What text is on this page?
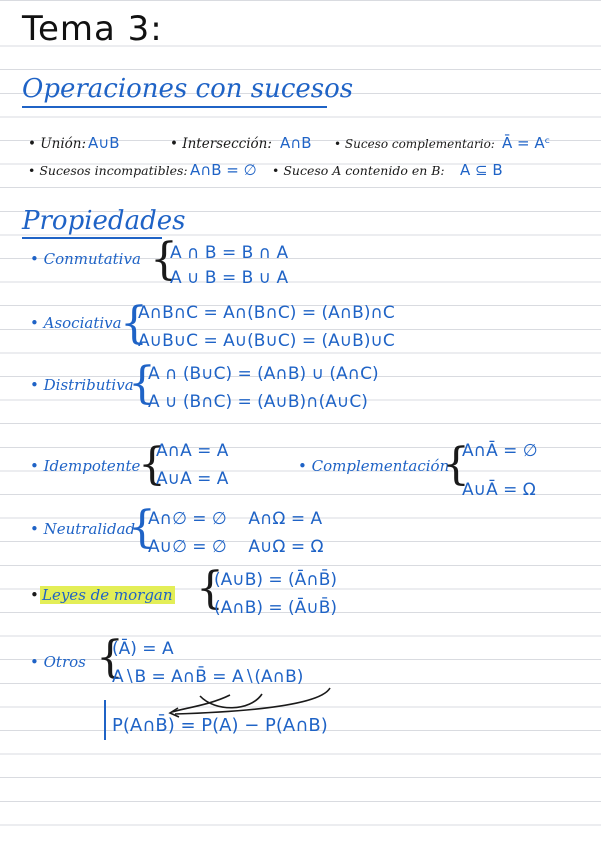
Tema 3:
Operaciones con sucesos
• Unión: A∪B	• Intersección: A∩B • Suceso complementario: Ā = Aᶜ
• Sucesos incompatibles: A∩B = ∅ • Suceso A contenido en B: A ⊆ B
Propiedades
• Conmutativa {
A ∩ B = B ∩ A
A ∪ B = B ∪ A
• Asociativa
{
A∩B∩C = A∩(B∩C) = (A∩B)∩C
A∪B∪C = A∪(B∪C) = (A∪B)∪C
• Distributiva
{
A ∩ (B∪C) = (A∩B) ∪ (A∩C)
A ∪ (B∩C) = (A∪B)∩(A∪C)
• Idempotente
{
A∩A = A
A∪A = A
• Complementación
{
A∩Ā = ∅
A∪Ā = Ω
• Neutralidad
{
A∩∅ = ∅    A∩Ω = A
A∪∅ = ∅    A∪Ω = Ω
• Leyes de morgan {
(A∪B) = (Ā∩B̄)
(A∩B) = (Ā∪B̄)
• Otros {
(Ā) = A
A∖B = A∩B̄ = A∖(A∩B)
P(A∩B̄) = P(A) − P(A∩B)
